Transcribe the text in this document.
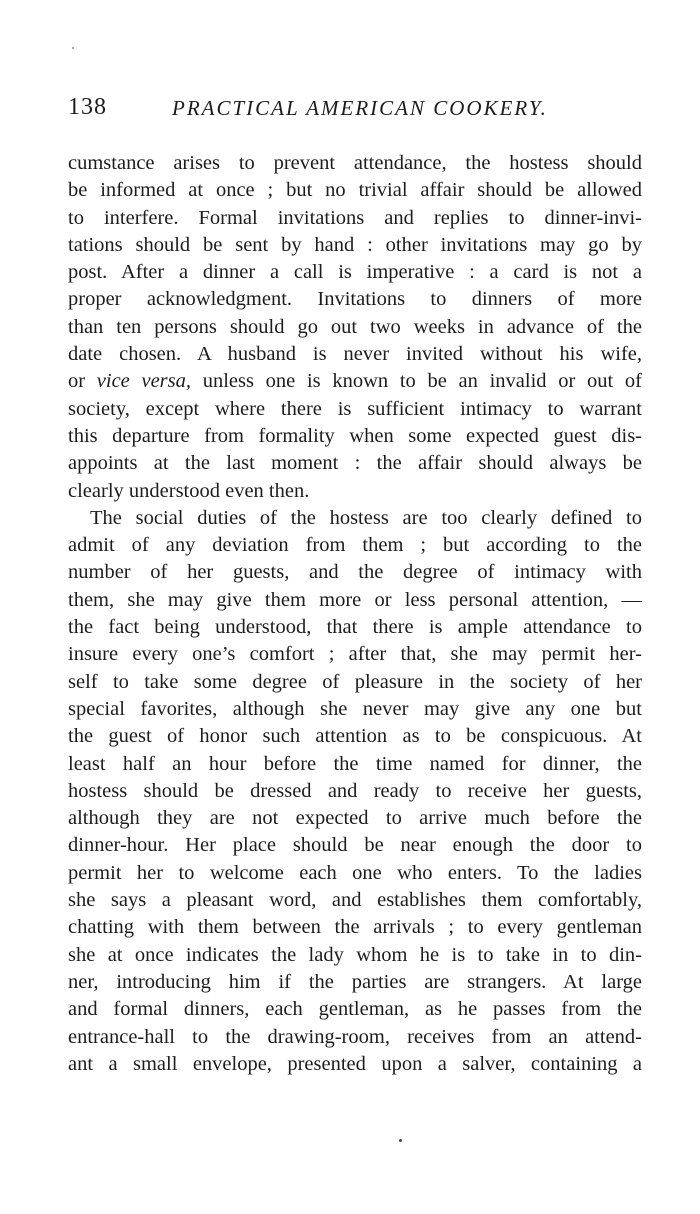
138	PRACTICAL AMERICAN COOKERY.
cumstance arises to prevent attendance, the hostess should
be informed at once ; but no trivial affair should be allowed
to interfere. Formal invitations and replies to dinner-invi-
tations should be sent by hand : other invitations may go by
post. After a dinner a call is imperative : a card is not a
proper acknowledgment. Invitations to dinners of more
than ten persons should go out two weeks in advance of the
date chosen. A husband is never invited without his wife,
or vice versa, unless one is known to be an invalid or out of
society, except where there is sufficient intimacy to warrant
this departure from formality when some expected guest dis-
appoints at the last moment : the affair should always be
clearly understood even then.
The social duties of the hostess are too clearly defined to
admit of any deviation from them ; but according to the
number of her guests, and the degree of intimacy with
them, she may give them more or less personal attention, —
the fact being understood, that there is ample attendance to
insure every one’s comfort ; after that, she may permit her-
self to take some degree of pleasure in the society of her
special favorites, although she never may give any one but
the guest of honor such attention as to be conspicuous. At
least half an hour before the time named for dinner, the
hostess should be dressed and ready to receive her guests,
although they are not expected to arrive much before the
dinner-hour. Her place should be near enough the door to
permit her to welcome each one who enters. To the ladies
she says a pleasant word, and establishes them comfortably,
chatting with them between the arrivals ; to every gentleman
she at once indicates the lady whom he is to take in to din-
ner, introducing him if the parties are strangers. At large
and formal dinners, each gentleman, as he passes from the
entrance-hall to the drawing-room, receives from an attend-
ant a small envelope, presented upon a salver, containing a
